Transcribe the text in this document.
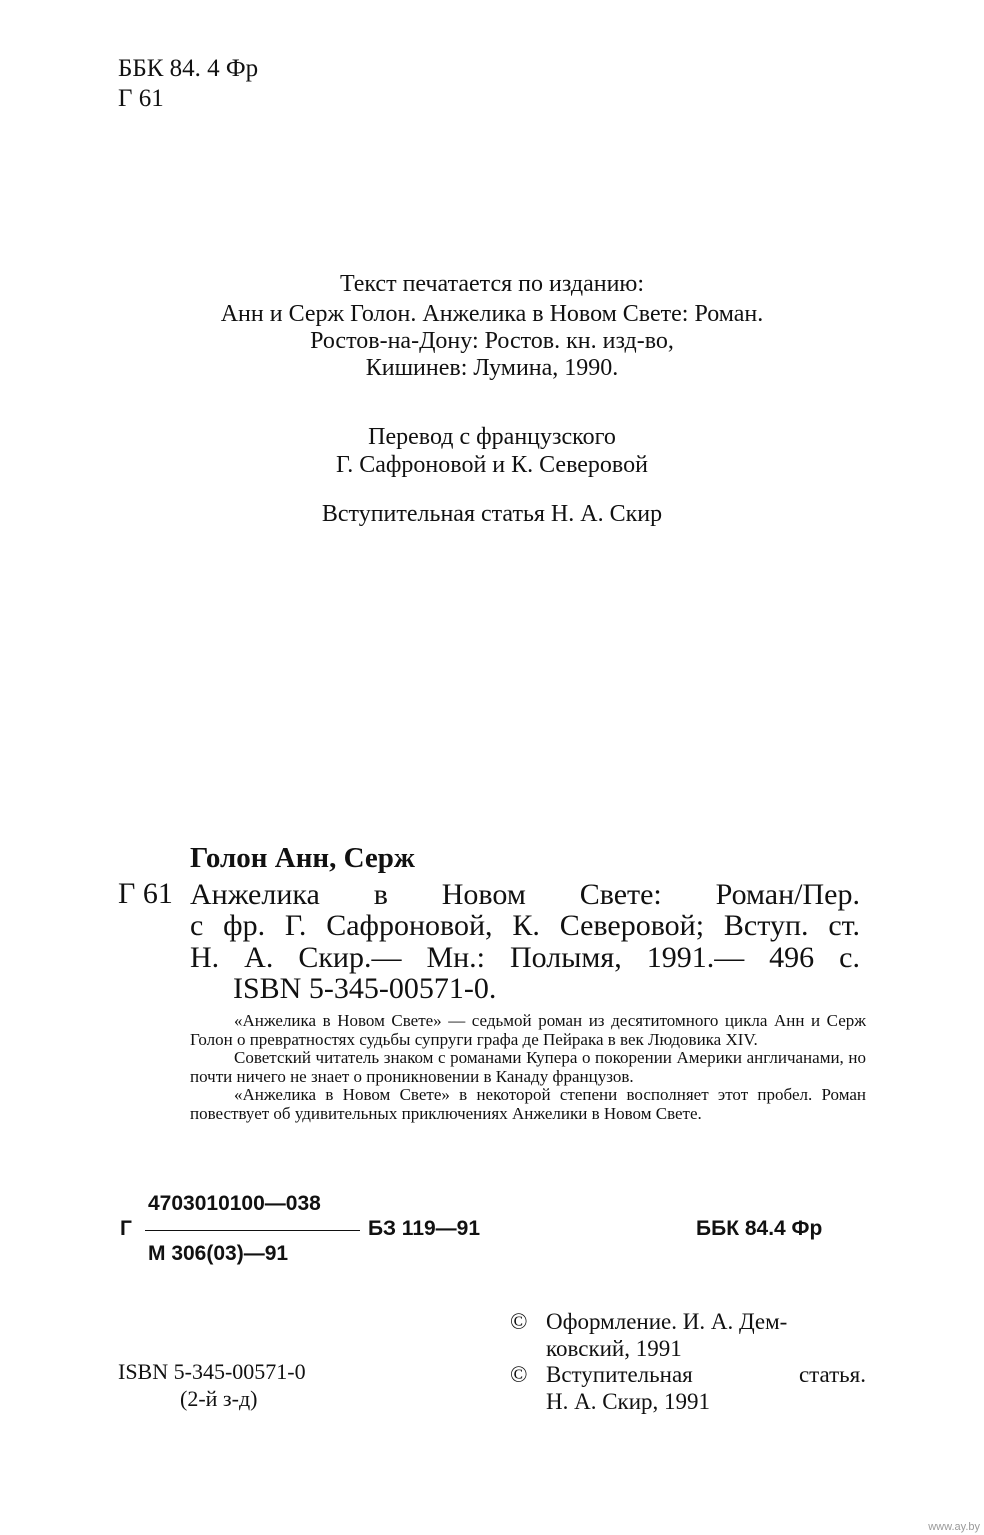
ББК 84. 4 Фр
Г 61
Текст печатается по изданию:
Анн и Серж Голон. Анжелика в Новом Свете: Роман.
Ростов-на-Дону: Ростов. кн. изд-во,
Кишинев: Лумина, 1990.
Перевод с французского
Г. Сафроновой и К. Северовой
Вступительная статья Н. А. Скир
Голон Анн, Серж
Г 61 Анжелика в Новом Свете: Роман/Пер.
с фр. Г. Сафроновой, К. Северовой; Вступ. ст.
Н. А. Скир.— Мн.: Полымя, 1991.— 496 с.
ISBN 5-345-00571-0.

«Анжелика в Новом Свете» — седьмой роман из десятитомного цикла Анн и Серж Голон о превратностях судьбы супруги графа де Пейрака в век Людовика XIV.

Советский читатель знаком с романами Купера о покорении Америки англичанами, но почти ничего не знает о проникновении в Канаду французов.

«Анжелика в Новом Свете» в некоторой степени восполняет этот пробел. Роман повествует об удивительных приключениях Анжелики в Новом Свете.

4703010100—038
Г	БЗ 119—91	ББК 84.4 Фр
М 306(03)—91
© Оформление. И. А. Дем-
ковский, 1991
© Вступительная	статья.
Н. А. Скир, 1991
ISBN 5-345-00571-0
(2-й з-д)
www.ay.by
